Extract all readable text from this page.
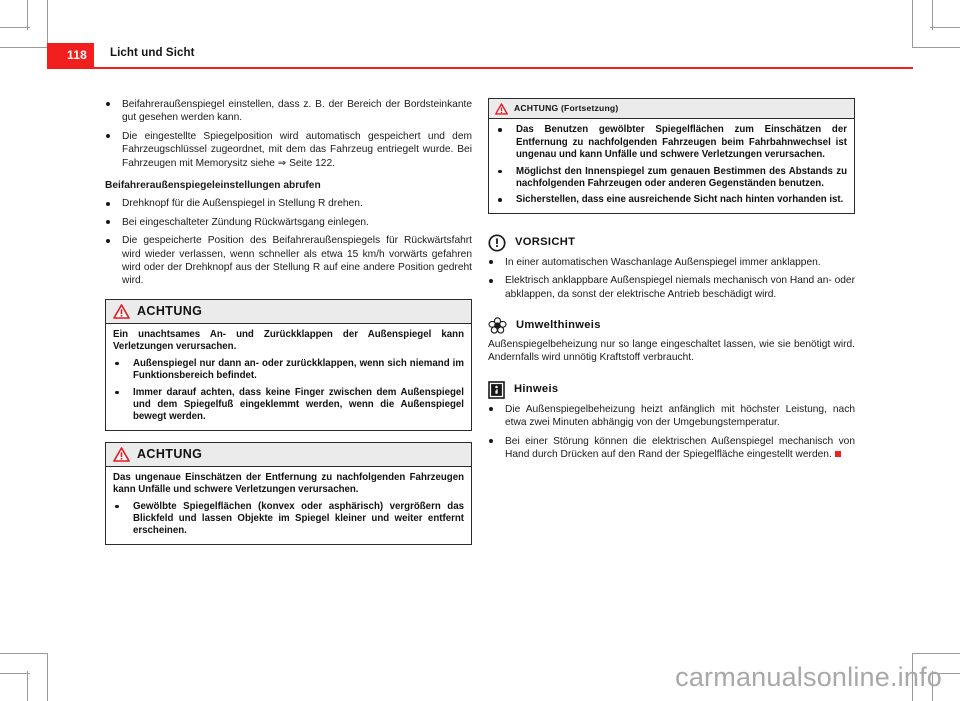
118	Licht und Sicht
Beifahreraußenspiegel einstellen, dass z. B. der Bereich der Bordsteinkante gut gesehen werden kann.
Die eingestellte Spiegelposition wird automatisch gespeichert und dem Fahrzeugschlüssel zugeordnet, mit dem das Fahrzeug entriegelt wurde. Bei Fahrzeugen mit Memorysitz siehe ⇒ Seite 122.
Beifahreraußenspiegeleinstellungen abrufen
Drehknopf für die Außenspiegel in Stellung R drehen.
Bei eingeschalteter Zündung Rückwärtsgang einlegen.
Die gespeicherte Position des Beifahreraußenspiegels für Rückwärtsfahrt wird wieder verlassen, wenn schneller als etwa 15 km/h vorwärts gefahren wird oder der Drehknopf aus der Stellung R auf eine andere Position gedreht wird.
ACHTUNG

Ein unachtsames An- und Zurückklappen der Außenspiegel kann Verletzungen verursachen.

Außenspiegel nur dann an- oder zurückklappen, wenn sich niemand im Funktionsbereich befindet.
Immer darauf achten, dass keine Finger zwischen dem Außenspiegel und dem Spiegelfuß eingeklemmt werden, wenn die Außenspiegel bewegt werden.
ACHTUNG

Das ungenaue Einschätzen der Entfernung zu nachfolgenden Fahrzeugen kann Unfälle und schwere Verletzungen verursachen.

Gewölbte Spiegelflächen (konvex oder asphärisch) vergrößern das Blickfeld und lassen Objekte im Spiegel kleiner und weiter entfernt erscheinen.
ACHTUNG (Fortsetzung)
Das Benutzen gewölbter Spiegelflächen zum Einschätzen der Entfernung zu nachfolgenden Fahrzeugen beim Fahrbahnwechsel ist ungenau und kann Unfälle und schwere Verletzungen verursachen.
Möglichst den Innenspiegel zum genauen Bestimmen des Abstands zu nachfolgenden Fahrzeugen oder anderen Gegenständen benutzen.
Sicherstellen, dass eine ausreichende Sicht nach hinten vorhanden ist.
VORSICHT
In einer automatischen Waschanlage Außenspiegel immer anklappen.
Elektrisch anklappbare Außenspiegel niemals mechanisch von Hand an- oder abklappen, da sonst der elektrische Antrieb beschädigt wird.
Umwelthinweis

Außenspiegelbeheizung nur so lange eingeschaltet lassen, wie sie benötigt wird. Andernfalls wird unnötig Kraftstoff verbraucht.

Hinweis
Die Außenspiegelbeheizung heizt anfänglich mit höchster Leistung, nach etwa zwei Minuten abhängig von der Umgebungstemperatur.
Bei einer Störung können die elektrischen Außenspiegel mechanisch von Hand durch Drücken auf den Rand der Spiegelfläche eingestellt werden.
carmanualsonline.info
